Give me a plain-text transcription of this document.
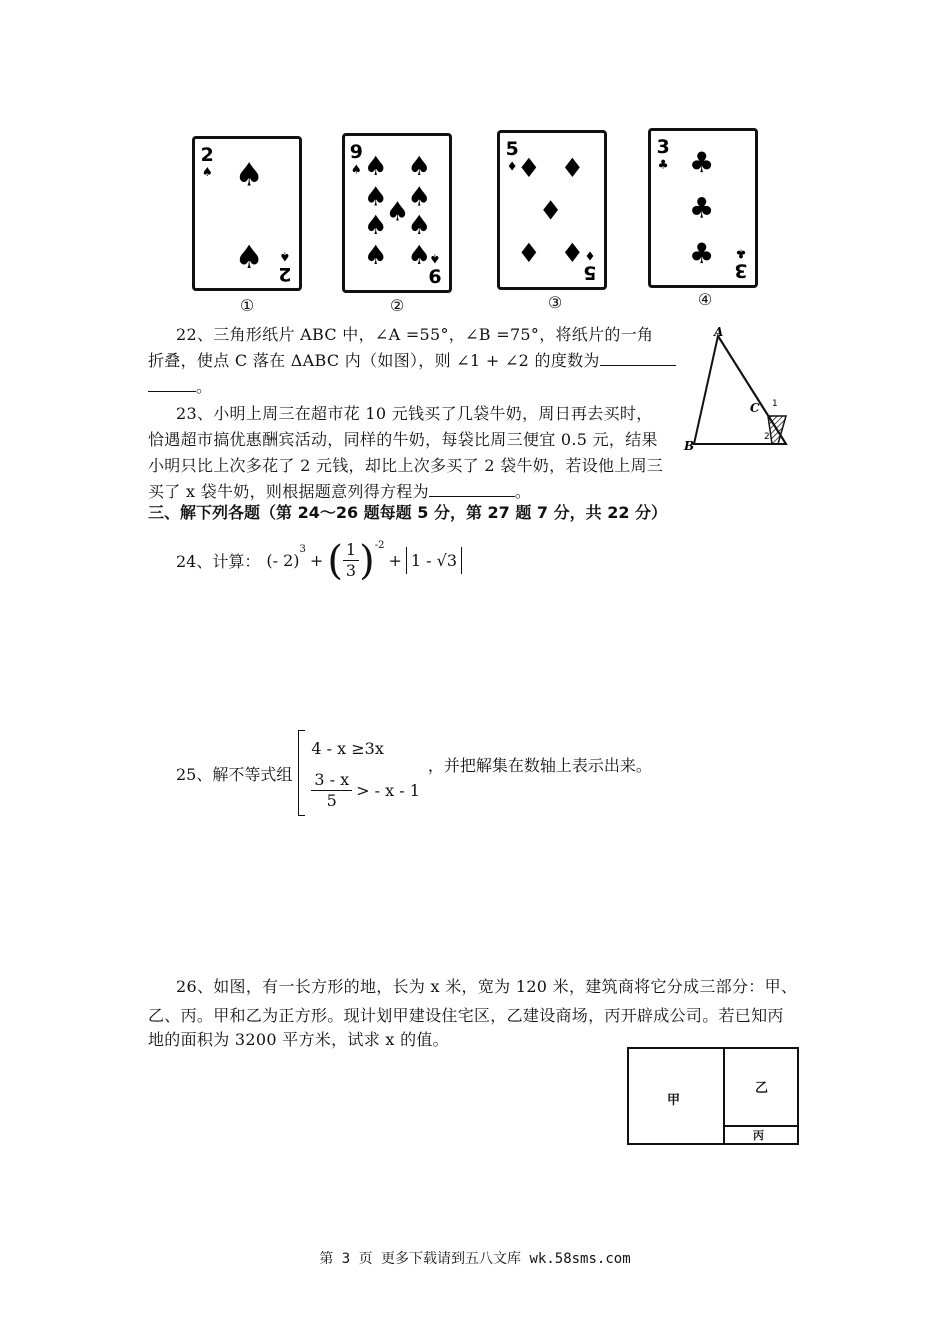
2
♠ ♠
♠ 2
♠
①
9
♠ ♠ ♠
♠ ♠
♠
♠ ♠
♠ ♠
9
♠
②
5
♦ ♦ ♦
♦
♦ ♦
5
♦
③
3
♣ ♣
♣
♣
3
♣
④
22、三角形纸片 ABC 中，∠A =55°，∠B =75°，将纸片的一角
折叠，使点 C 落在 ΔABC 内（如图），则 ∠1 + ∠2 的度数为
。
A
B
C 1
2
23、小明上周三在超市花 10 元钱买了几袋牛奶，周日再去买时，
恰遇超市搞优惠酬宾活动，同样的牛奶，每袋比周三便宜 0.5 元，结果
小明只比上次多花了 2 元钱，却比上次多买了 2 袋牛奶，若设他上周三
买了 x 袋牛奶，则根据题意列得方程为	。
三、解下列各题（第 24～26 题每题 5 分，第 27 题 7 分，共 22 分）
24、计算： (- 2)
$^3$
+ ( $\frac{1}{3} )^{-2}$
+ 1 - √3
25、解不等式组
4 - x ≥3x
$\frac{3 - x}{5}$ > - x - 1
，并把解集在数轴上表示出来。
26、如图，有一长方形的地，长为 x 米，宽为 120 米，建筑商将它分成三部分：甲、
乙、丙。甲和乙为正方形。现计划甲建设住宅区，乙建设商场，丙开辟成公司。若已知丙
地的面积为 3200 平方米，试求 x 的值。
甲
乙
丙
第 3 页 更多下载请到五八文库 wk.58sms.com
